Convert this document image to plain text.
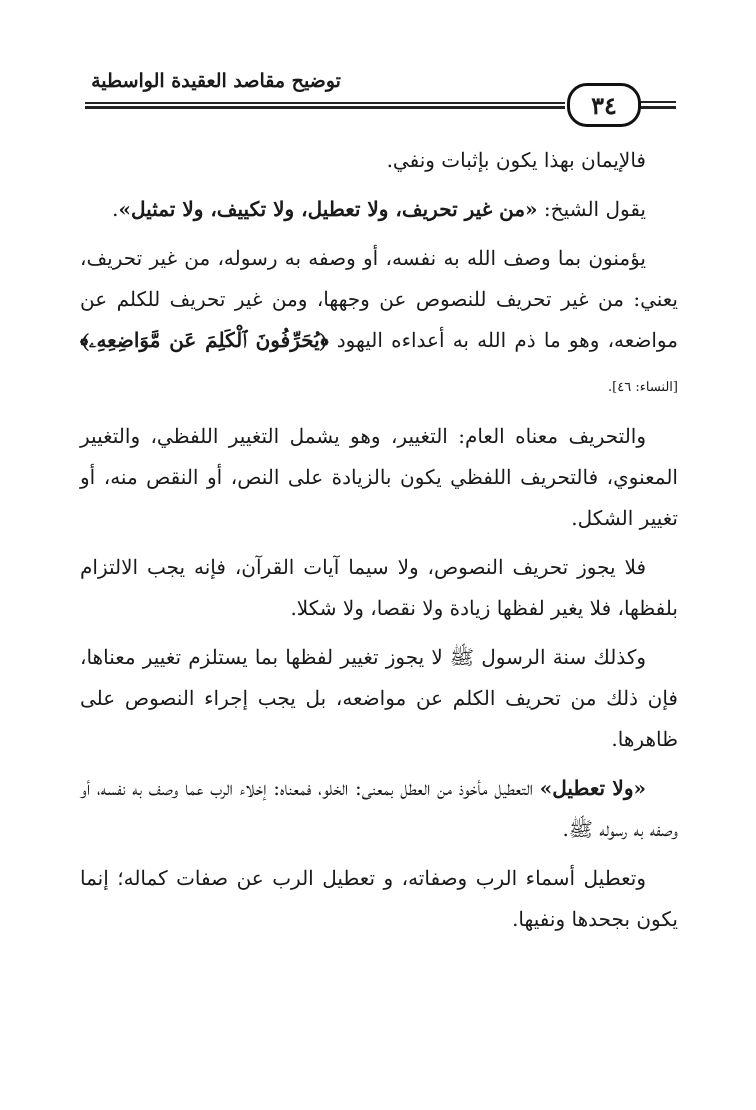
توضيح مقاصد العقيدة الواسطية
٣٤

فالإيمان بهذا يكون بإثبات ونفي.

يقول الشيخ: «من غير تحريف، ولا تعطيل، ولا تكييف، ولا تمثيل».

يؤمنون بما وصف الله به نفسه، أو وصفه به رسوله، من غير تحريف، يعني: من غير تحريف للنصوص عن وجهها، ومن غير تحريف للكلم عن مواضعه، وهو ما ذم الله به أعداءه اليهود ﴿يُحَرِّفُونَ ٱلْكَلِمَ عَن مَّوَاضِعِهِۦ﴾ [النساء: ٤٦].

والتحريف معناه العام: التغيير، وهو يشمل التغيير اللفظي، والتغيير المعنوي، فالتحريف اللفظي يكون بالزيادة على النص، أو النقص منه، أو تغيير الشكل.

فلا يجوز تحريف النصوص، ولا سيما آيات القرآن، فإنه يجب الالتزام بلفظها، فلا يغير لفظها زيادة ولا نقصا، ولا شكلا.

وكذلك سنة الرسول ﷺ لا يجوز تغيير لفظها بما يستلزم تغيير معناها، فإن ذلك من تحريف الكلم عن مواضعه، بل يجب إجراء النصوص على ظاهرها.

«ولا تعطيل» التعطيل مأخوذ من العطل بمعنى: الخلو، فمعناه: إخلاء الرب عما وصف به نفسه، أو وصفه به رسوله ﷺ.

وتعطيل أسماء الرب وصفاته، و تعطيل الرب عن صفات كماله؛ إنما يكون بجحدها ونفيها.
